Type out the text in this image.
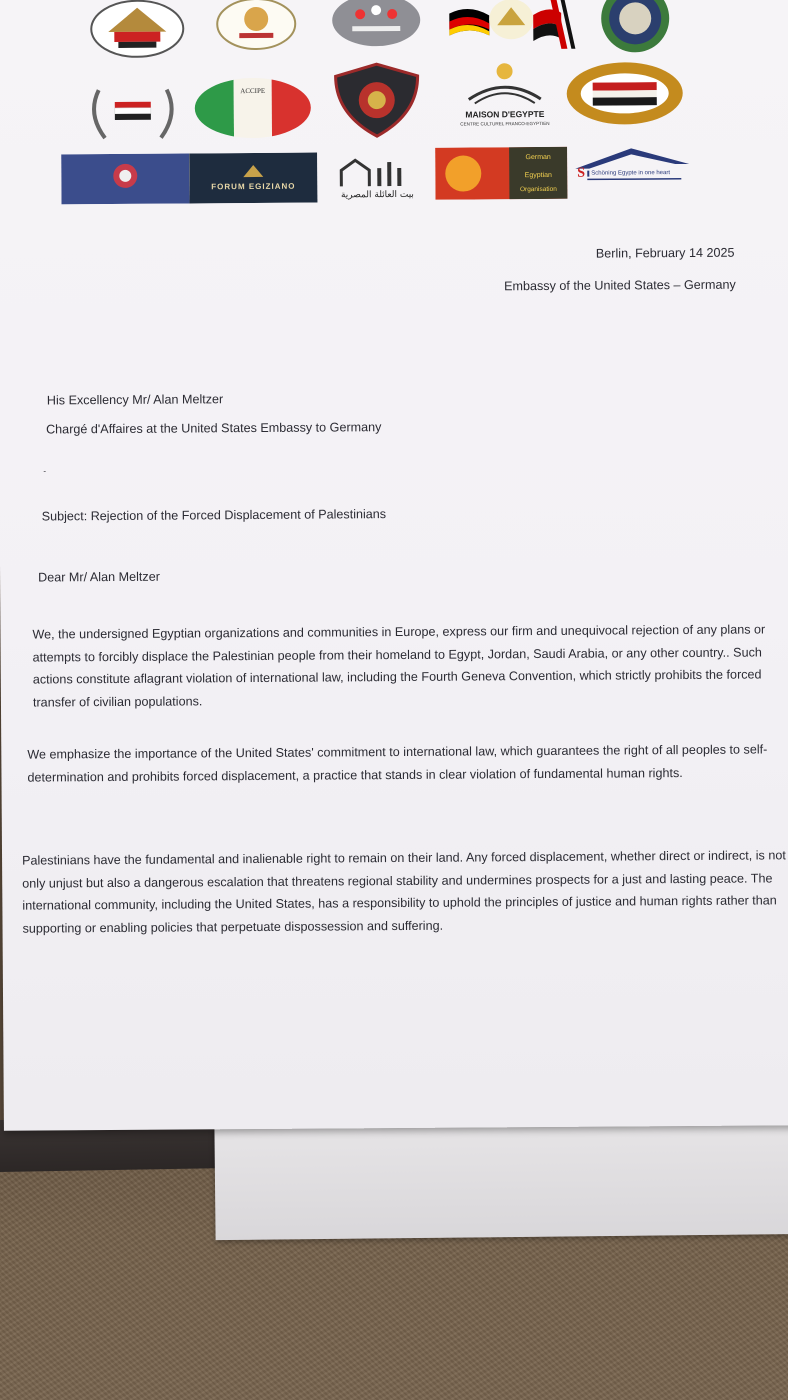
ACCIPE
MAISON D'EGYPTE
CENTRE CULTUREL FRANCO-EGYPTIEN
FORUM EGIZIANO
بيت العائلة المصرية
German
Egyptian
Organisation
S Schöning Egypte in one heart
Berlin, February 14 2025
Embassy of the United States – Germany
His Excellency Mr/ Alan Meltzer
Chargé d'Affaires at the United States Embassy to Germany
-
Subject: Rejection of the Forced Displacement of Palestinians
Dear Mr/ Alan Meltzer
We, the undersigned Egyptian organizations and communities in Europe, express our firm and unequivocal rejection of any plans or attempts to forcibly displace the Palestinian people from their homeland to Egypt, Jordan, Saudi Arabia, or any other country.. Such actions constitute aflagrant violation of international law, including the Fourth Geneva Convention, which strictly prohibits the forced transfer of civilian populations.
We emphasize the importance of the United States' commitment to international law, which guarantees the right of all peoples to self-determination and prohibits forced displacement, a practice that stands in clear violation of fundamental human rights.
Palestinians have the fundamental and inalienable right to remain on their land. Any forced displacement, whether direct or indirect, is not only unjust but also a dangerous escalation that threatens regional stability and undermines prospects for a just and lasting peace. The international community, including the United States, has a responsibility to uphold the principles of justice and human rights rather than supporting or enabling policies that perpetuate dispossession and suffering.
